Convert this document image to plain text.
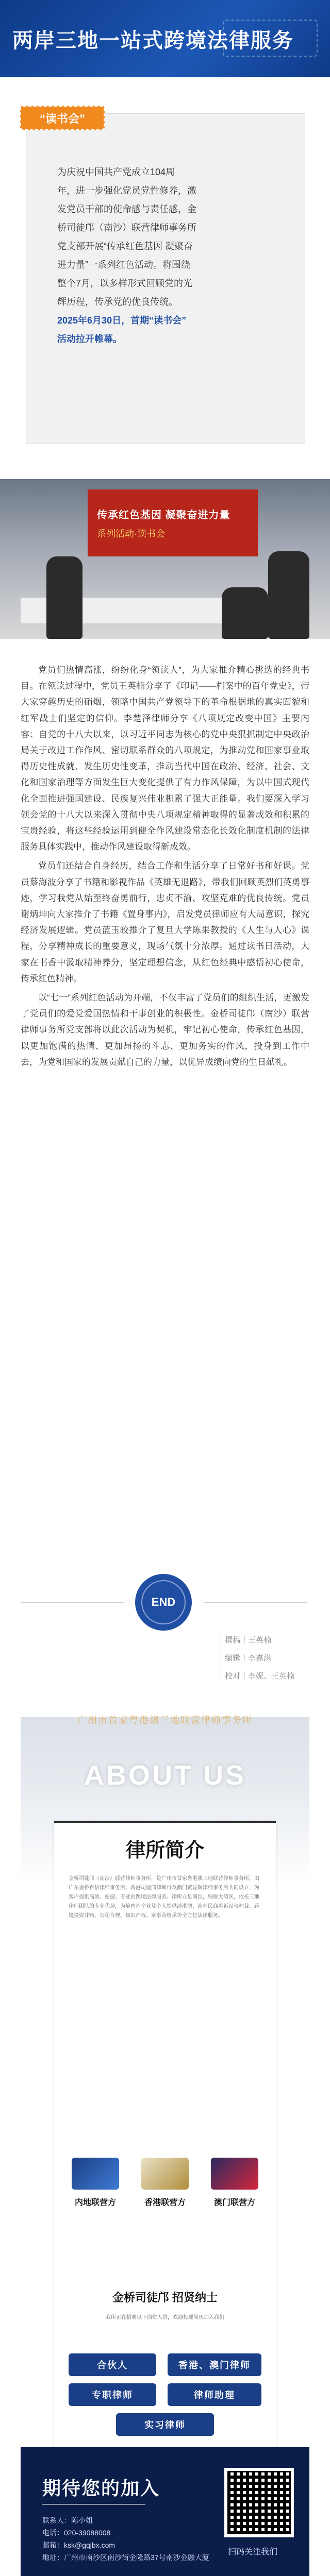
两岸三地一站式跨境法律服务
“读书会”
为庆祝中国共产党成立104周
年，进一步强化党员党性修养，激
发党员干部的使命感与责任感，金
桥司徒邝（南沙）联营律师事务所
党支部开展“传承红色基因 凝聚奋
进力量”一系列红色活动。将围绕
整个7月，以多样形式回顾党的光
辉历程，传承党的优良传统。
2025年6月30日，首期“读书会”
活动拉开帷幕。
传承红色基因 凝聚奋进力量
系列活动·读书会

党员们热情高涨，纷纷化身“领读人”，为大家推介精心挑选的经典书目。在领读过程中，党员王英楠分享了《印记——档案中的百年党史》，带大家穿越历史的硝烟，领略中国共产党领导下的革命根据地的真实面貌和红军战士们坚定的信仰。李楚泽律师分享《八项规定改变中国》主要内容：自党的十八大以来，以习近平同志为核心的党中央狠抓制定中央政治局关于改进工作作风、密切联系群众的八项规定，为推动党和国家事业取得历史性成就、发生历史性变革，推动当代中国在政治、经济、社会、文化和国家治理等方面发生巨大变化提供了有力作风保障，为以中国式现代化全面推进强国建设、民族复兴伟业积累了强大正能量。我们要深入学习领会党的十八大以来深入贯彻中央八项规定精神取得的显著成效和积累的宝贵经验，将这些经验运用到健全作风建设常态化长效化制度机制的法律服务具体实践中，推动作风建设取得新成效。

党员们还结合自身经历，结合工作和生活分享了日常好书和好课。党员蔡海波分享了书籍和影视作品《英雄无退路》，带我们回顾英烈们英勇事迹，学习我党从始至终奋勇前行，忠贞不渝、攻坚克难的优良传统。党员谢炳坤向大家推介了书籍《置身事内》，启发党员律师应有大局意识，探究经济发展逻辑。党员蓝玉皎推介了复旦大学陈果教授的《人生与人心》课程，分享精神成长的重要意义，现场气氛十分浓厚。通过读书日活动，大家在书香中汲取精神养分，坚定理想信念，从红色经典中感悟初心使命，传承红色精神。

以“七一”系列红色活动为开端，不仅丰富了党员们的组织生活，更激发了党员们的爱党爱国热情和干事创业的积极性。金桥司徒邝（南沙）联营律师事务所党支部将以此次活动为契机，牢记初心使命，传承红色基因，以更加饱满的热情、更加昂扬的斗志、更加务实的作风，投身到工作中去，为党和国家的发展贡献自己的力量，以优异成绩向党的生日献礼。

END
撰稿丨王英楠
编辑丨李嘉洪
校对丨李妮、王英楠
广州市首家粤港澳三地联营律师事务所
ABOUT US
律所简介
金桥司徒邝（南沙）联营律师事务所，是广州市首家粤港澳三地联营律师事务所，由广东金桥百信律师事务所、香港司徒邝律师行及澳门黄显辉律师事务所共同设立，为客户提供高效、便捷、专业的跨境法律服务。律所立足南沙，辐射大湾区，依托三地律师团队的专业优势，为境内外企业及个人提供涉港澳、涉外民商事诉讼与仲裁、跨境投资并购、公司合规、知识产权、家事及继承等全方位法律服务。
内地联营方	香港联营方	澳门联营方
金桥司徒邝 招贤纳士
我所正在招聘以下岗位人员，欢迎投递简历加入我们
合伙人	香港、澳门律师
专职律师	律师助理
实习律师
期待您的加入
联系人：陈小姐
电话：020-39088008
邮箱：ksk@gqjbx.com
地址：广州市南沙区南沙街金隆路37号南沙金融大厦
扫码关注我们
